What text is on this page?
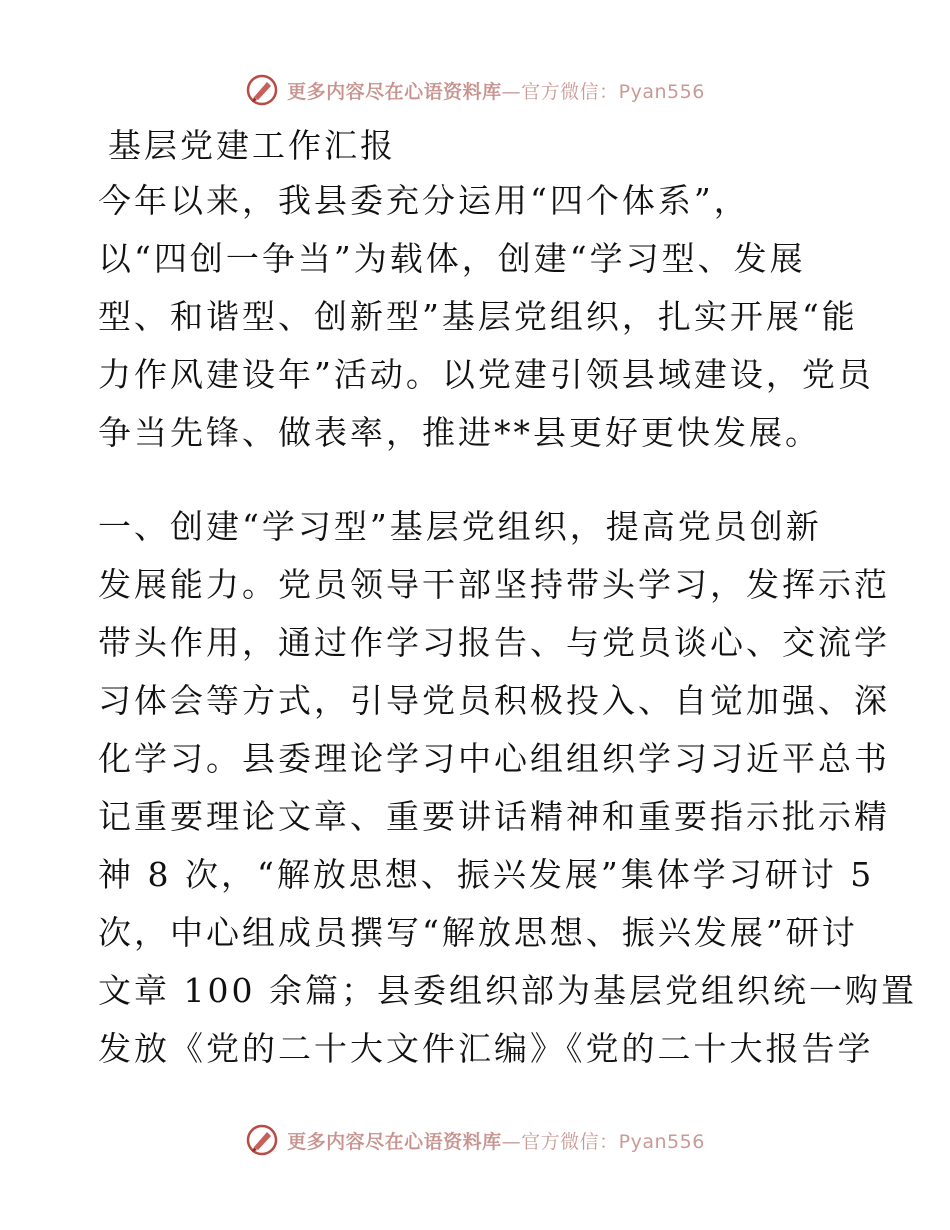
更多内容尽在心语资料库—官方微信：Pyan556
基层党建工作汇报
今年以来，我县委充分运用“四个体系”，
以“四创一争当”为载体，创建“学习型、发展
型、和谐型、创新型”基层党组织，扎实开展“能
力作风建设年”活动。以党建引领县域建设，党员
争当先锋、做表率，推进**县更好更快发展。
一、创建“学习型”基层党组织，提高党员创新
发展能力。党员领导干部坚持带头学习，发挥示范
带头作用，通过作学习报告、与党员谈心、交流学
习体会等方式，引导党员积极投入、自觉加强、深
化学习。县委理论学习中心组组织学习习近平总书
记重要理论文章、重要讲话精神和重要指示批示精
神 8 次，“解放思想、振兴发展”集体学习研讨 5
次，中心组成员撰写“解放思想、振兴发展”研讨
文章 100 余篇；县委组织部为基层党组织统一购置
发放《党的二十大文件汇编》《党的二十大报告学
更多内容尽在心语资料库—官方微信：Pyan556
